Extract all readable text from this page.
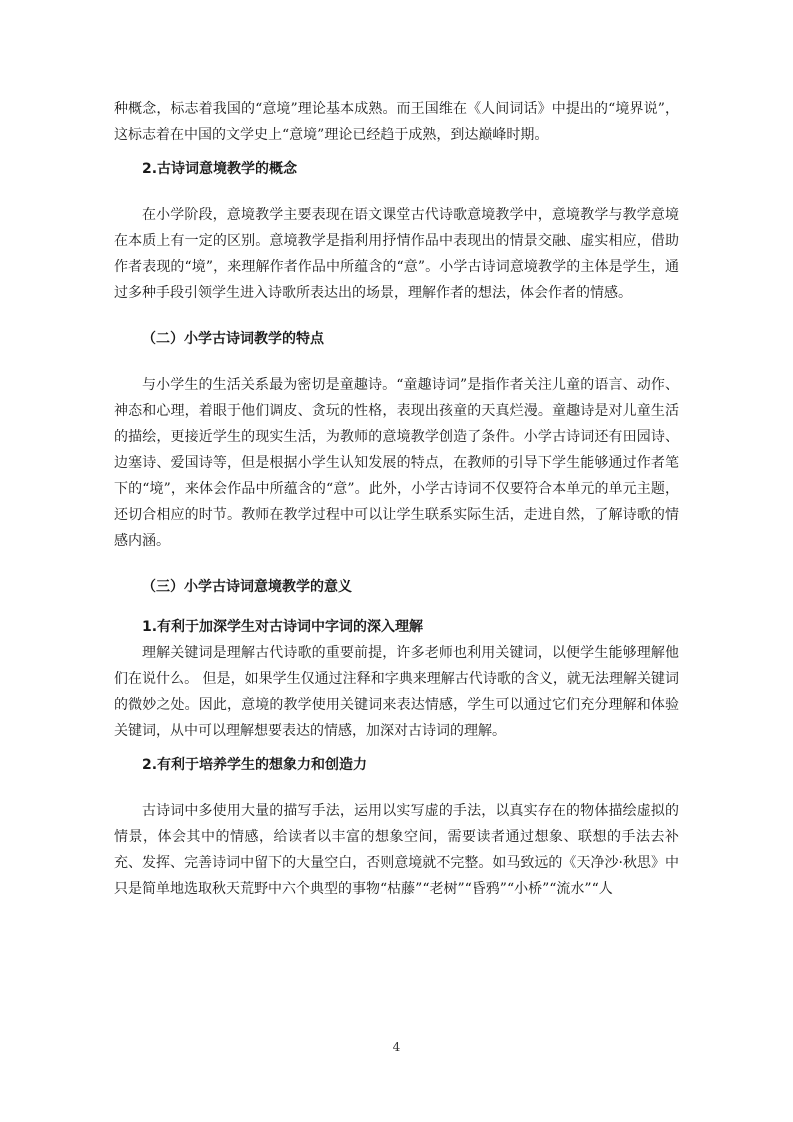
种概念，标志着我国的“意境”理论基本成熟。而王国维在《人间词话》中提出的“境界说”，这标志着在中国的文学史上“意境”理论已经趋于成熟，到达巅峰时期。

2.古诗词意境教学的概念

在小学阶段，意境教学主要表现在语文课堂古代诗歌意境教学中，意境教学与教学意境在本质上有一定的区别。意境教学是指利用抒情作品中表现出的情景交融、虚实相应，借助作者表现的“境”，来理解作者作品中所蕴含的“意”。小学古诗词意境教学的主体是学生，通过多种手段引领学生进入诗歌所表达出的场景，理解作者的想法，体会作者的情感。

（二）小学古诗词教学的特点

与小学生的生活关系最为密切是童趣诗。“童趣诗词”是指作者关注儿童的语言、动作、神态和心理，着眼于他们调皮、贪玩的性格，表现出孩童的天真烂漫。童趣诗是对儿童生活的描绘，更接近学生的现实生活，为教师的意境教学创造了条件。小学古诗词还有田园诗、边塞诗、爱国诗等，但是根据小学生认知发展的特点，在教师的引导下学生能够通过作者笔下的“境”，来体会作品中所蕴含的“意”。此外，小学古诗词不仅要符合本单元的单元主题，还切合相应的时节。教师在教学过程中可以让学生联系实际生活，走进自然，了解诗歌的情感内涵。

（三）小学古诗词意境教学的意义

1.有利于加深学生对古诗词中字词的深入理解

理解关键词是理解古代诗歌的重要前提，许多老师也利用关键词，以便学生能够理解他们在说什么。 但是，如果学生仅通过注释和字典来理解古代诗歌的含义，就无法理解关键词的微妙之处。因此，意境的教学使用关键词来表达情感，学生可以通过它们充分理解和体验关键词，从中可以理解想要表达的情感，加深对古诗词的理解。

2.有利于培养学生的想象力和创造力

古诗词中多使用大量的描写手法，运用以实写虚的手法，以真实存在的物体描绘虚拟的情景，体会其中的情感，给读者以丰富的想象空间，需要读者通过想象、联想的手法去补充、发挥、完善诗词中留下的大量空白，否则意境就不完整。如马致远的《天净沙·秋思》中只是简单地选取秋天荒野中六个典型的事物“枯藤”“老树”“昏鸦”“小桥”“流水”“人

4
